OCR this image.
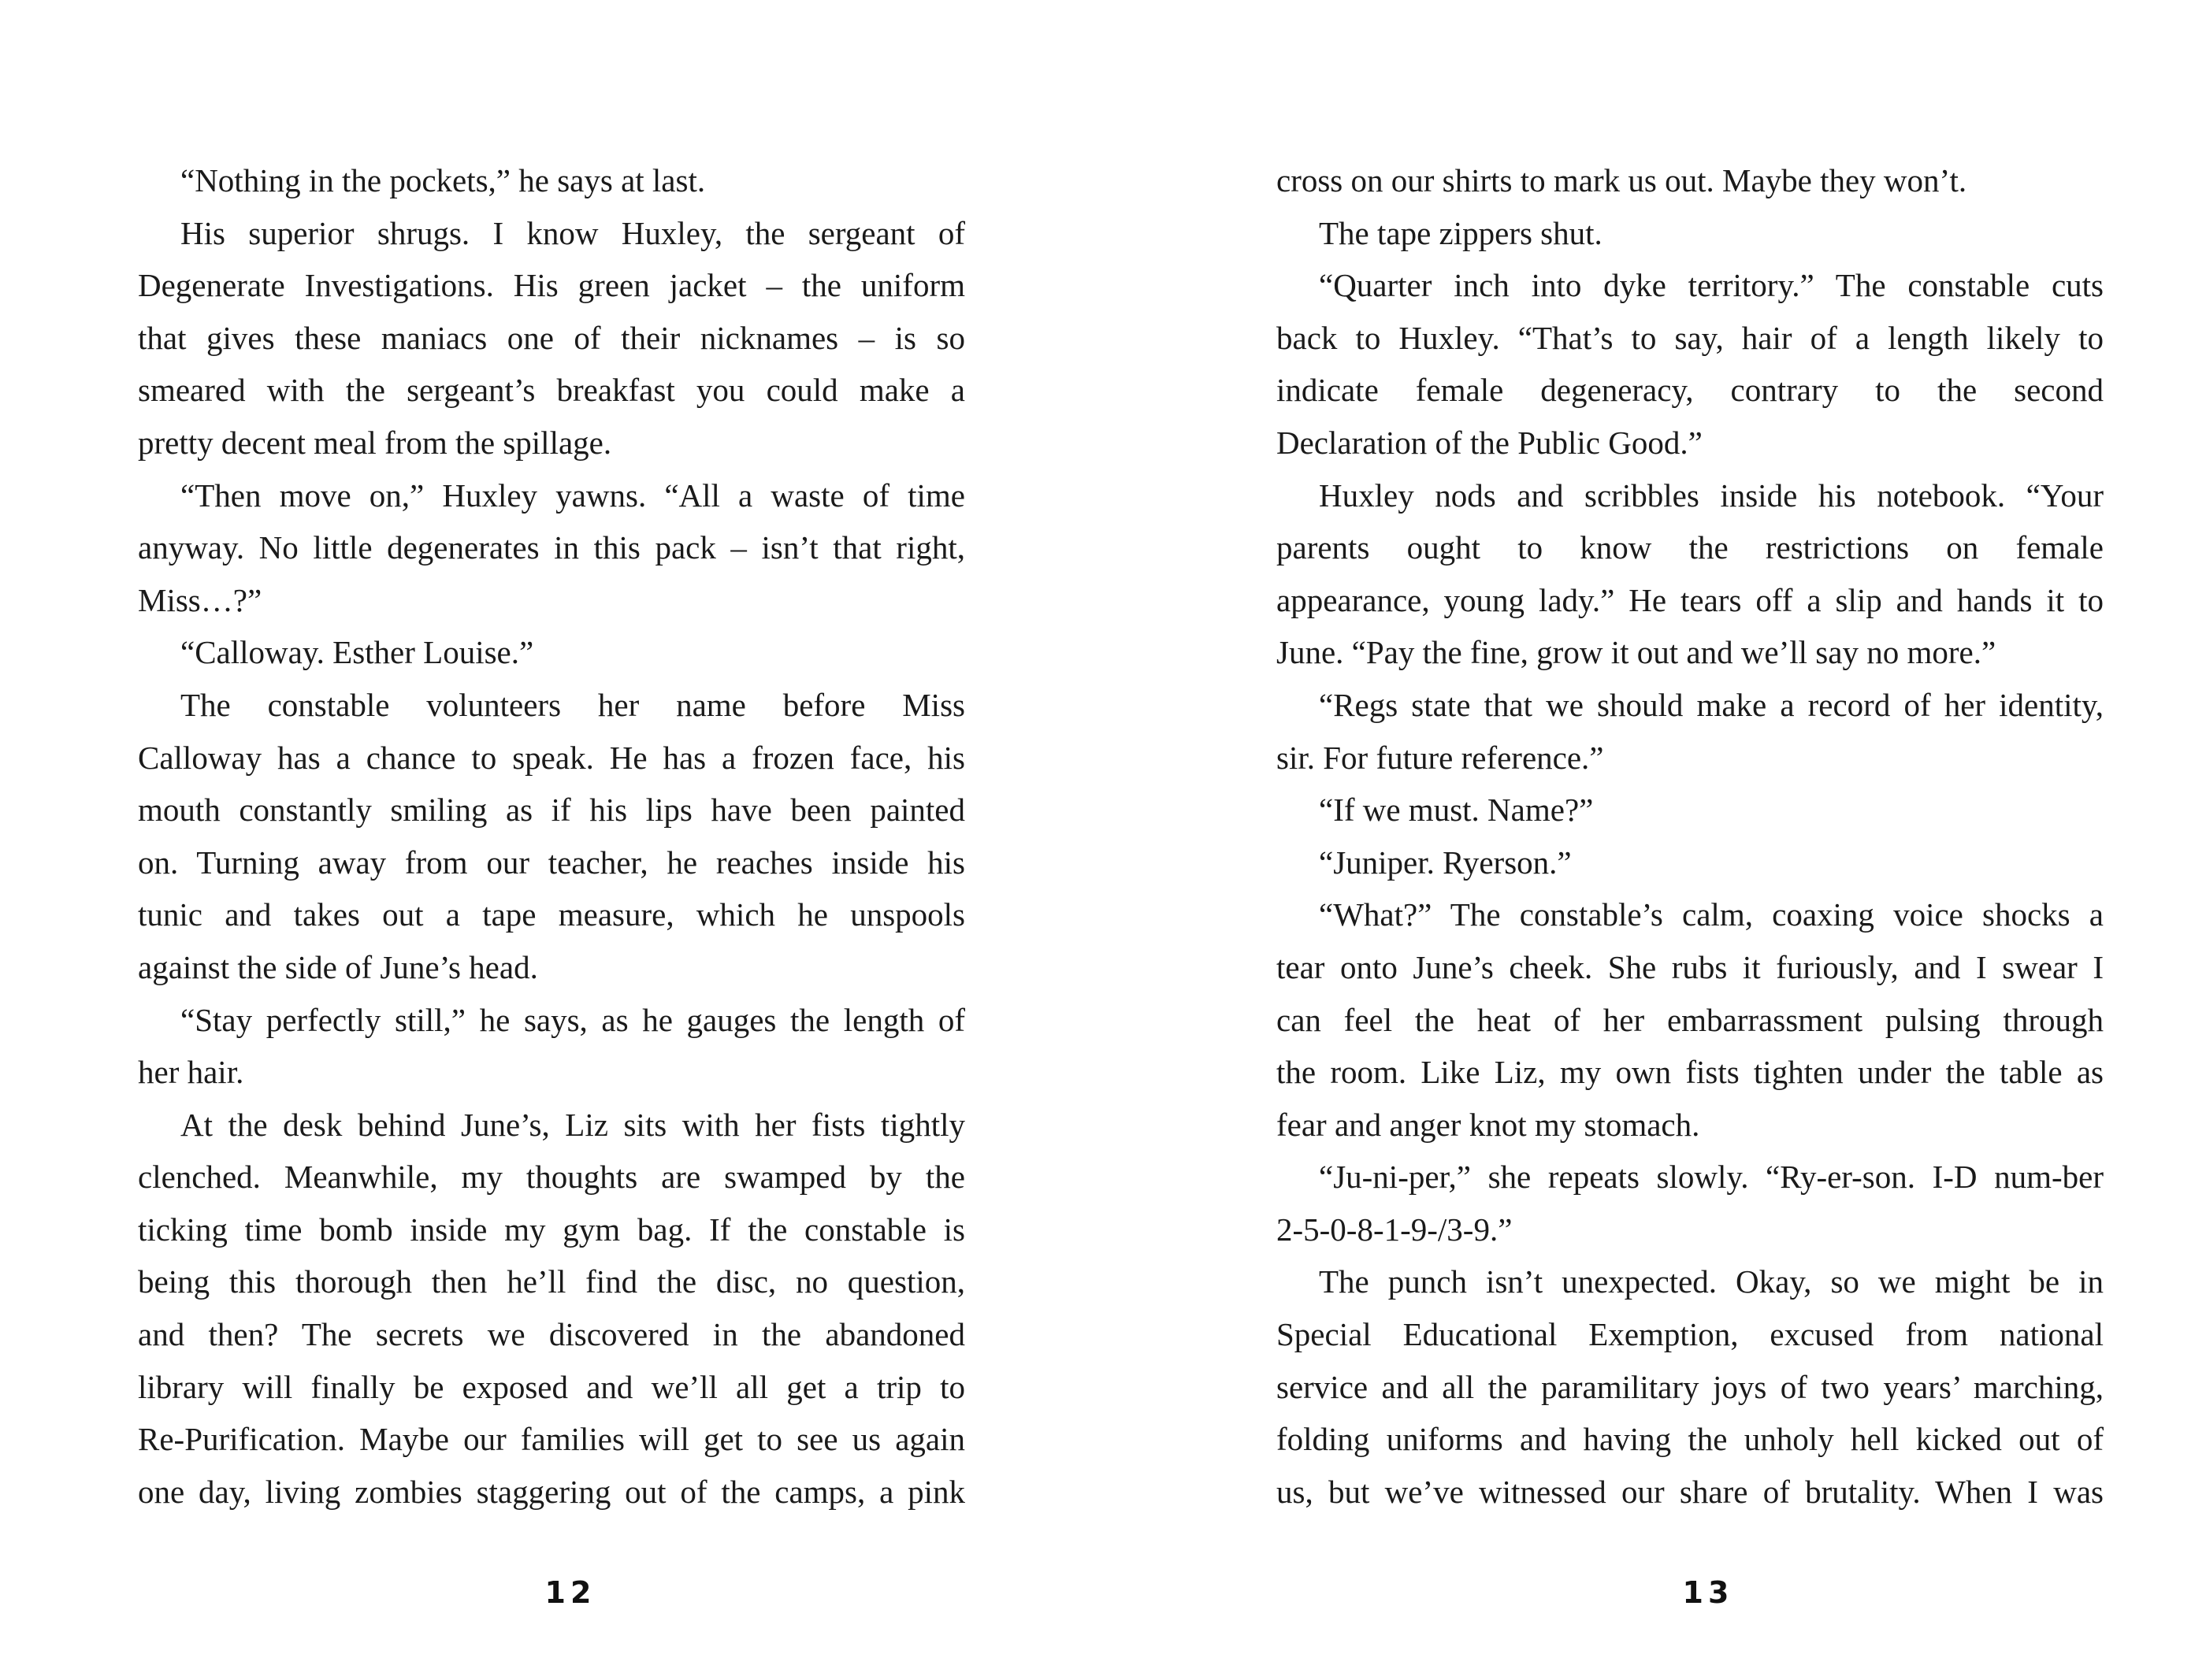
“Nothing in the pockets,” he says at last.
His superior shrugs. I know Huxley, the sergeant of
Degenerate Investigations. His green jacket – the uniform
that gives these maniacs one of their nicknames – is so
smeared with the sergeant’s breakfast you could make a
pretty decent meal from the spillage.
“Then move on,” Huxley yawns. “All a waste of time
anyway. No little degenerates in this pack – isn’t that right,
Miss…?”
“Calloway. Esther Louise.”
The constable volunteers her name before Miss
Calloway has a chance to speak. He has a frozen face, his
mouth constantly smiling as if his lips have been painted
on. Turning away from our teacher, he reaches inside his
tunic and takes out a tape measure, which he unspools
against the side of June’s head.
“Stay perfectly still,” he says, as he gauges the length of
her hair.
At the desk behind June’s, Liz sits with her fists tightly
clenched. Meanwhile, my thoughts are swamped by the
ticking time bomb inside my gym bag. If the constable is
being this thorough then he’ll find the disc, no question,
and then? The secrets we discovered in the abandoned
library will finally be exposed and we’ll all get a trip to
Re-Purification. Maybe our families will get to see us again
one day, living zombies staggering out of the camps, a pink
cross on our shirts to mark us out. Maybe they won’t.
The tape zippers shut.
“Quarter inch into dyke territory.” The constable cuts
back to Huxley. “That’s to say, hair of a length likely to
indicate female degeneracy, contrary to the second
Declaration of the Public Good.”
Huxley nods and scribbles inside his notebook. “Your
parents ought to know the restrictions on female
appearance, young lady.” He tears off a slip and hands it to
June. “Pay the fine, grow it out and we’ll say no more.”
“Regs state that we should make a record of her identity,
sir. For future reference.”
“If we must. Name?”
“Juniper. Ryerson.”
“What?” The constable’s calm, coaxing voice shocks a
tear onto June’s cheek. She rubs it furiously, and I swear I
can feel the heat of her embarrassment pulsing through
the room. Like Liz, my own fists tighten under the table as
fear and anger knot my stomach.
“Ju-ni-per,” she repeats slowly. “Ry-er-son. I-D num-ber
2-5-0-8-1-9-/3-9.”
The punch isn’t unexpected. Okay, so we might be in
Special Educational Exemption, excused from national
service and all the paramilitary joys of two years’ marching,
folding uniforms and having the unholy hell kicked out of
us, but we’ve witnessed our share of brutality. When I was
12	13
